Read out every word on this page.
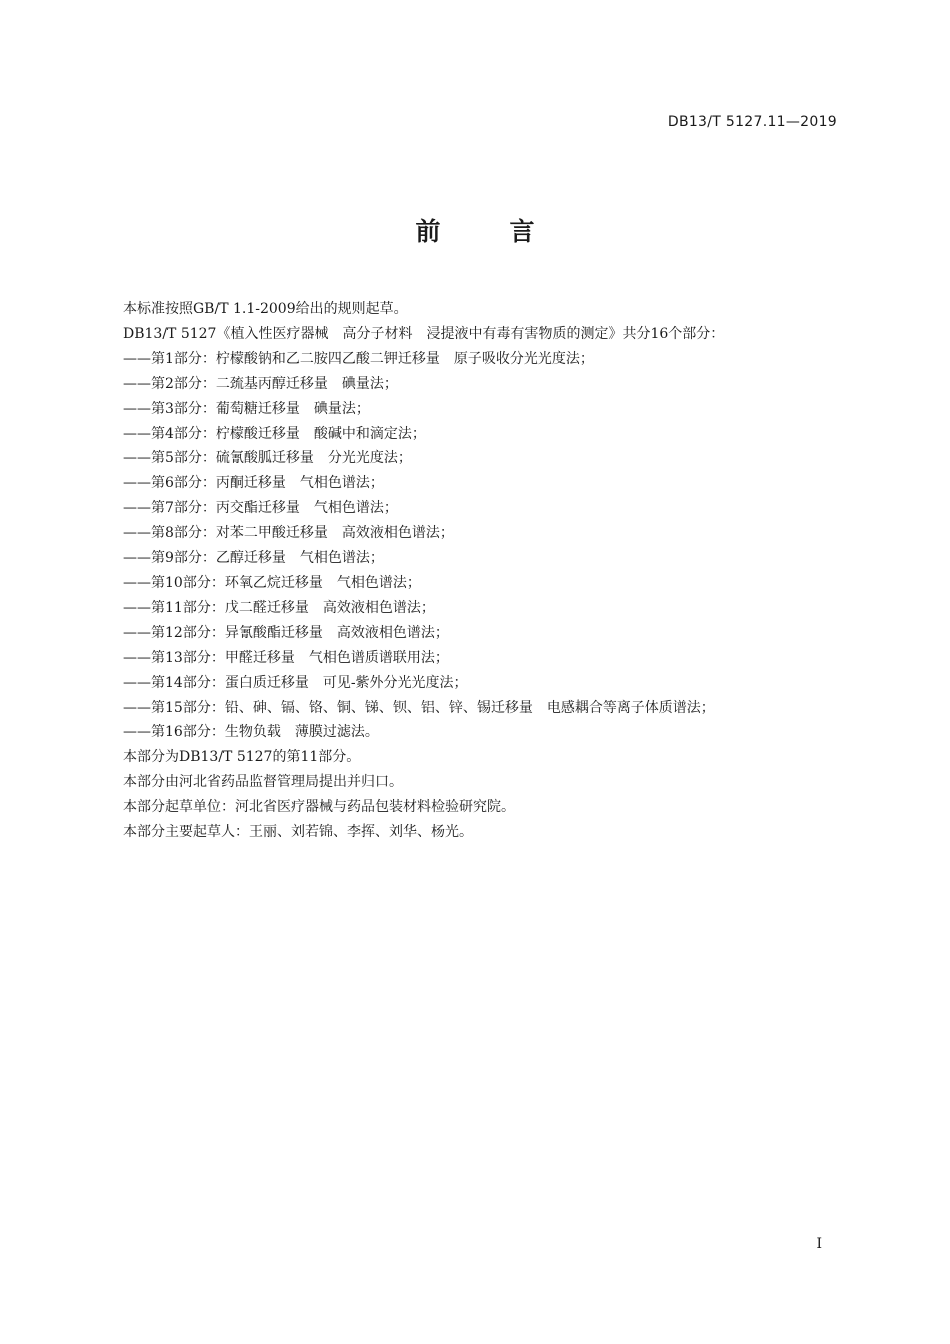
DB13/T 5127.11—2019
前　言
本标准按照GB/T 1.1-2009给出的规则起草。
DB13/T 5127《植入性医疗器械　高分子材料　浸提液中有毒有害物质的测定》共分16个部分：
——第1部分：柠檬酸钠和乙二胺四乙酸二钾迁移量　原子吸收分光光度法；
——第2部分：二巯基丙醇迁移量　碘量法；
——第3部分：葡萄糖迁移量　碘量法；
——第4部分：柠檬酸迁移量　酸碱中和滴定法；
——第5部分：硫氰酸胍迁移量　分光光度法；
——第6部分：丙酮迁移量　气相色谱法；
——第7部分：丙交酯迁移量　气相色谱法；
——第8部分：对苯二甲酸迁移量　高效液相色谱法；
——第9部分：乙醇迁移量　气相色谱法；
——第10部分：环氧乙烷迁移量　气相色谱法；
——第11部分：戊二醛迁移量　高效液相色谱法；
——第12部分：异氰酸酯迁移量　高效液相色谱法；
——第13部分：甲醛迁移量　气相色谱质谱联用法；
——第14部分：蛋白质迁移量　可见-紫外分光光度法；
——第15部分：铅、砷、镉、铬、铜、锑、钡、铝、锌、锡迁移量　电感耦合等离子体质谱法；
——第16部分：生物负载　薄膜过滤法。
本部分为DB13/T 5127的第11部分。
本部分由河北省药品监督管理局提出并归口。
本部分起草单位：河北省医疗器械与药品包装材料检验研究院。
本部分主要起草人：王丽、刘若锦、李挥、刘华、杨光。
I
